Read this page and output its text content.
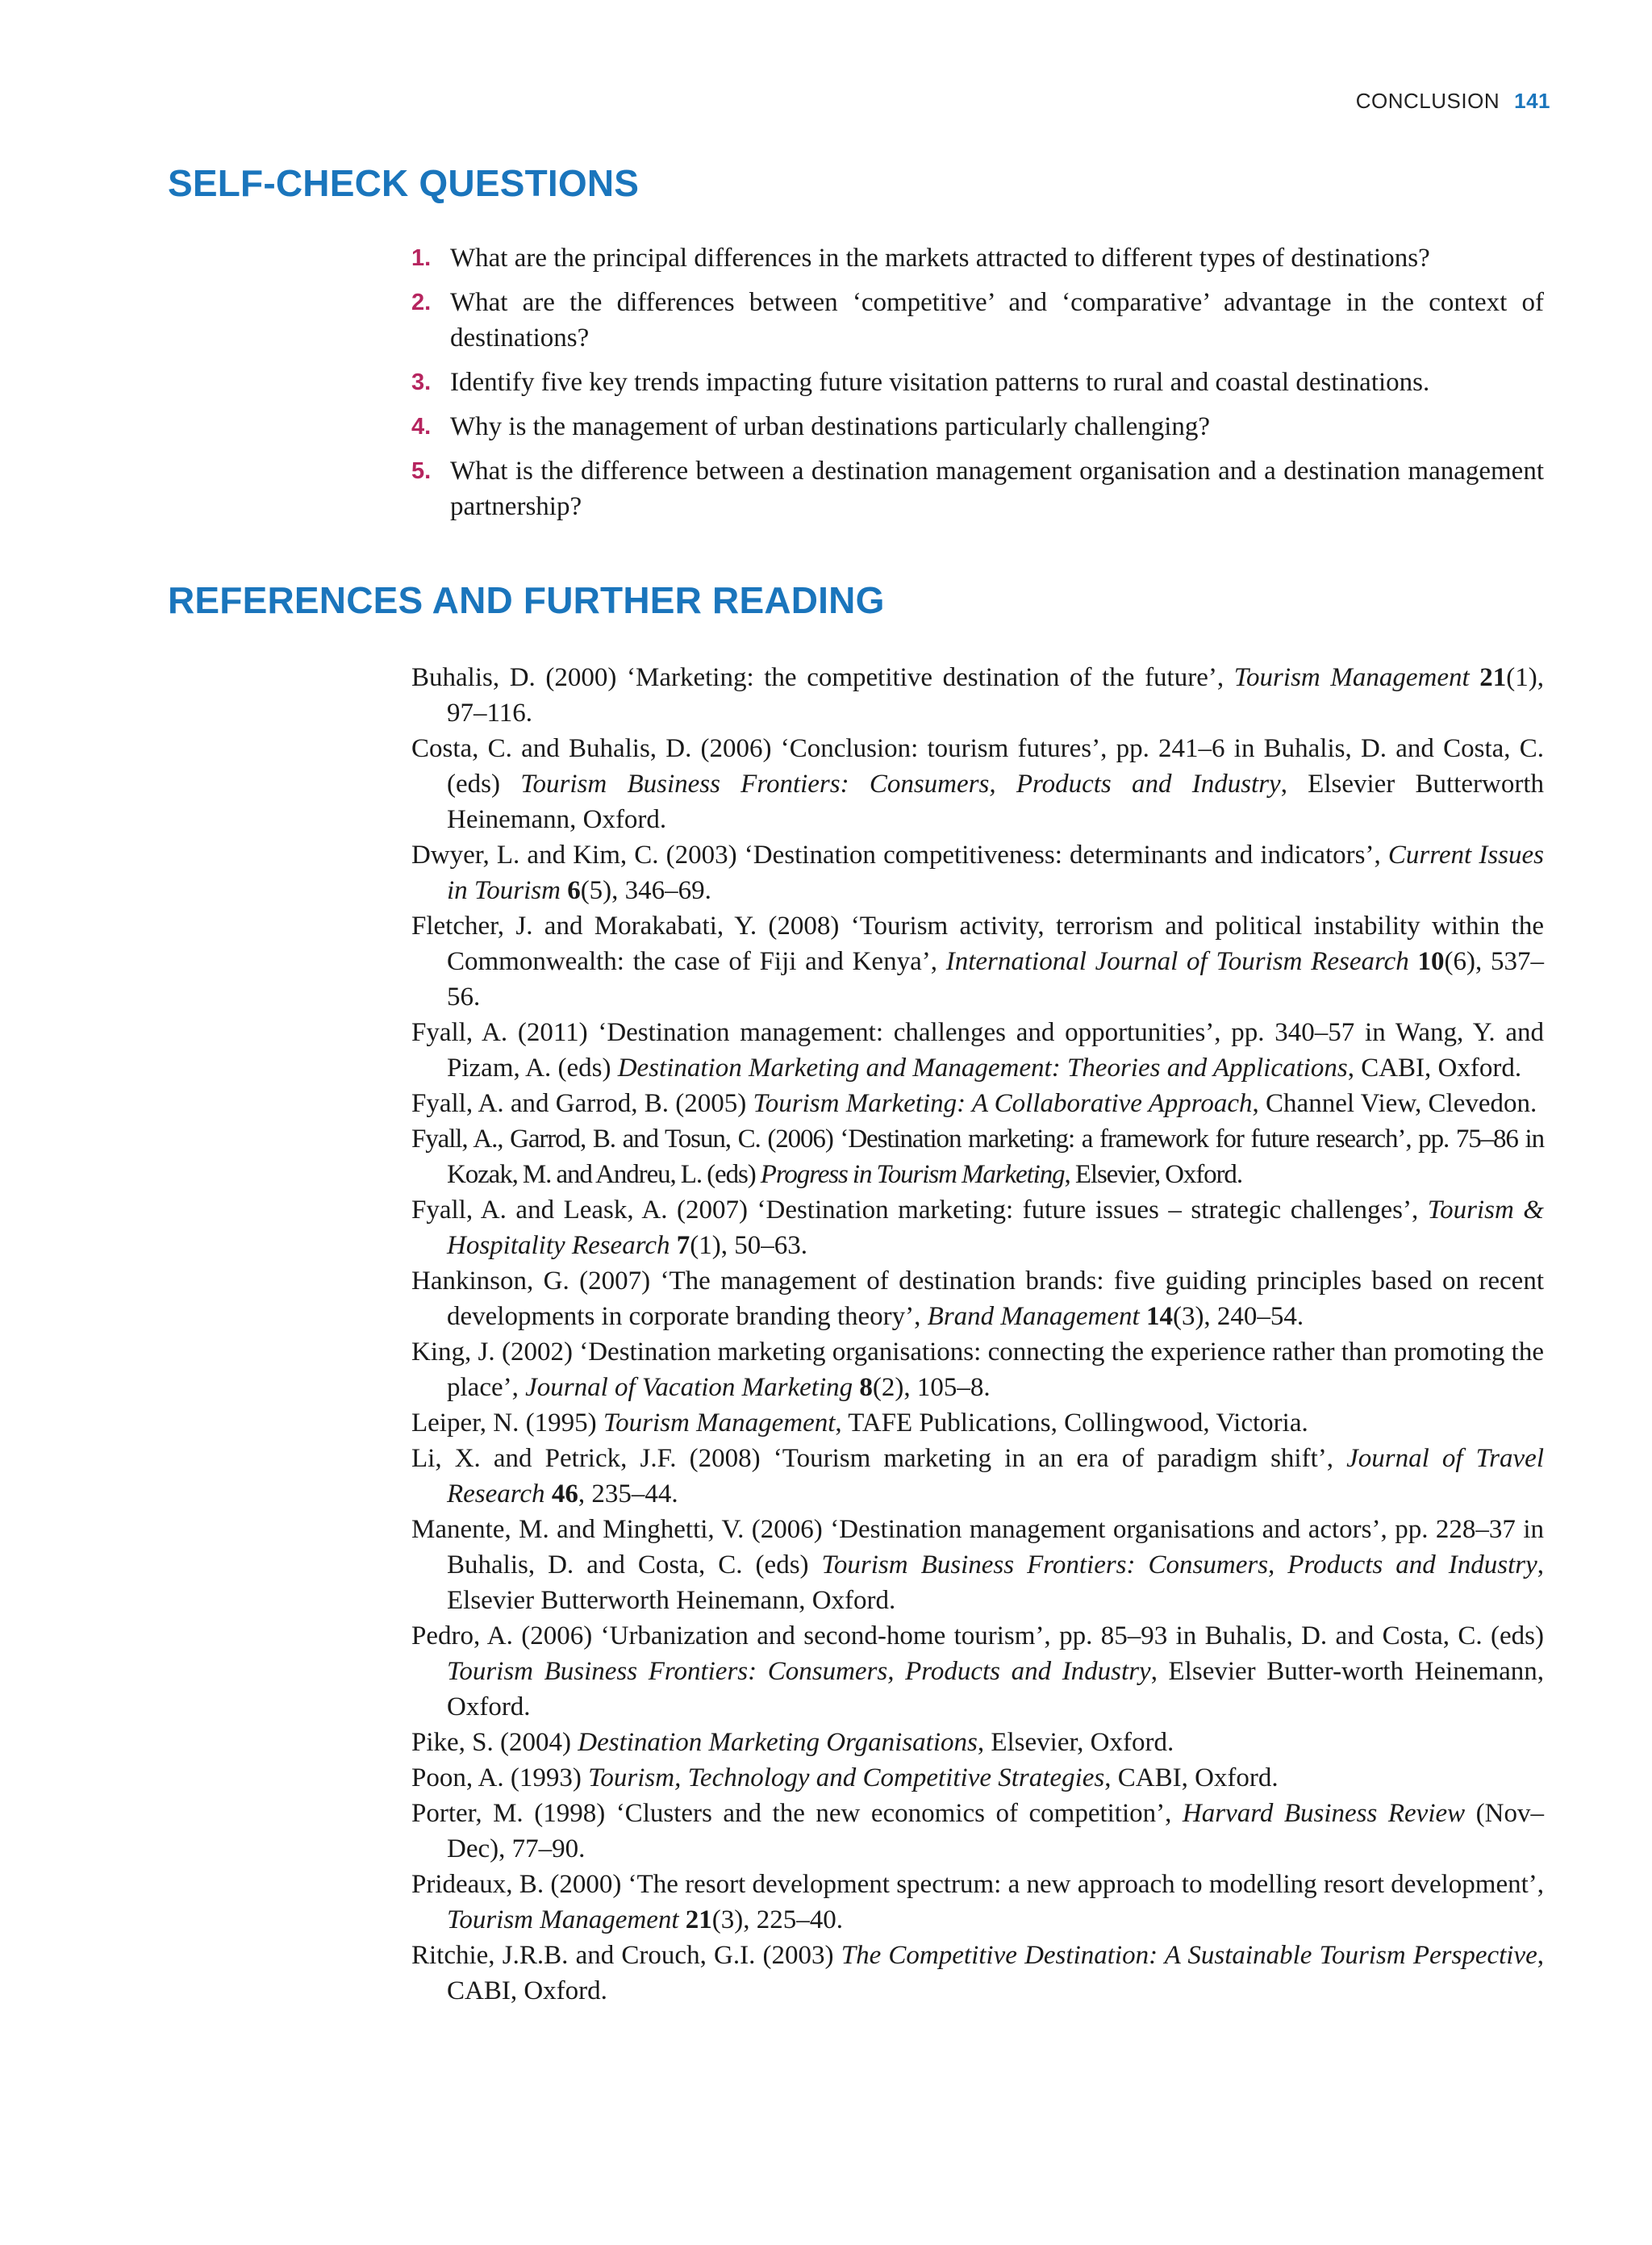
CONCLUSION 141
SELF-CHECK QUESTIONS
1. What are the principal differences in the markets attracted to different types of destinations?
2. What are the differences between ‘competitive’ and ‘comparative’ advantage in the context of destinations?
3. Identify five key trends impacting future visitation patterns to rural and coastal destinations.
4. Why is the management of urban destinations particularly challenging?
5. What is the difference between a destination management organisation and a destination management partnership?
REFERENCES AND FURTHER READING
Buhalis, D. (2000) ‘Marketing: the competitive destination of the future’, Tourism Management 21(1), 97–116.
Costa, C. and Buhalis, D. (2006) ‘Conclusion: tourism futures’, pp. 241–6 in Buhalis, D. and Costa, C. (eds) Tourism Business Frontiers: Consumers, Products and Industry, Elsevier Butterworth Heinemann, Oxford.
Dwyer, L. and Kim, C. (2003) ‘Destination competitiveness: determinants and indicators’, Current Issues in Tourism 6(5), 346–69.
Fletcher, J. and Morakabati, Y. (2008) ‘Tourism activity, terrorism and political instability within the Commonwealth: the case of Fiji and Kenya’, International Journal of Tourism Research 10(6), 537–56.
Fyall, A. (2011) ‘Destination management: challenges and opportunities’, pp. 340–57 in Wang, Y. and Pizam, A. (eds) Destination Marketing and Management: Theories and Applications, CABI, Oxford.
Fyall, A. and Garrod, B. (2005) Tourism Marketing: A Collaborative Approach, Channel View, Clevedon.
Fyall, A., Garrod, B. and Tosun, C. (2006) ‘Destination marketing: a framework for future research’, pp. 75–86 in Kozak, M. and Andreu, L. (eds) Progress in Tourism Marketing, Elsevier, Oxford.
Fyall, A. and Leask, A. (2007) ‘Destination marketing: future issues – strategic challenges’, Tourism & Hospitality Research 7(1), 50–63.
Hankinson, G. (2007) ‘The management of destination brands: five guiding principles based on recent developments in corporate branding theory’, Brand Management 14(3), 240–54.
King, J. (2002) ‘Destination marketing organisations: connecting the experience rather than promoting the place’, Journal of Vacation Marketing 8(2), 105–8.
Leiper, N. (1995) Tourism Management, TAFE Publications, Collingwood, Victoria.
Li, X. and Petrick, J.F. (2008) ‘Tourism marketing in an era of paradigm shift’, Journal of Travel Research 46, 235–44.
Manente, M. and Minghetti, V. (2006) ‘Destination management organisations and actors’, pp. 228–37 in Buhalis, D. and Costa, C. (eds) Tourism Business Frontiers: Consumers, Products and Industry, Elsevier Butterworth Heinemann, Oxford.
Pedro, A. (2006) ‘Urbanization and second-home tourism’, pp. 85–93 in Buhalis, D. and Costa, C. (eds) Tourism Business Frontiers: Consumers, Products and Industry, Elsevier Butter-worth Heinemann, Oxford.
Pike, S. (2004) Destination Marketing Organisations, Elsevier, Oxford.
Poon, A. (1993) Tourism, Technology and Competitive Strategies, CABI, Oxford.
Porter, M. (1998) ‘Clusters and the new economics of competition’, Harvard Business Review (Nov–Dec), 77–90.
Prideaux, B. (2000) ‘The resort development spectrum: a new approach to modelling resort development’, Tourism Management 21(3), 225–40.
Ritchie, J.R.B. and Crouch, G.I. (2003) The Competitive Destination: A Sustainable Tourism Perspective, CABI, Oxford.
